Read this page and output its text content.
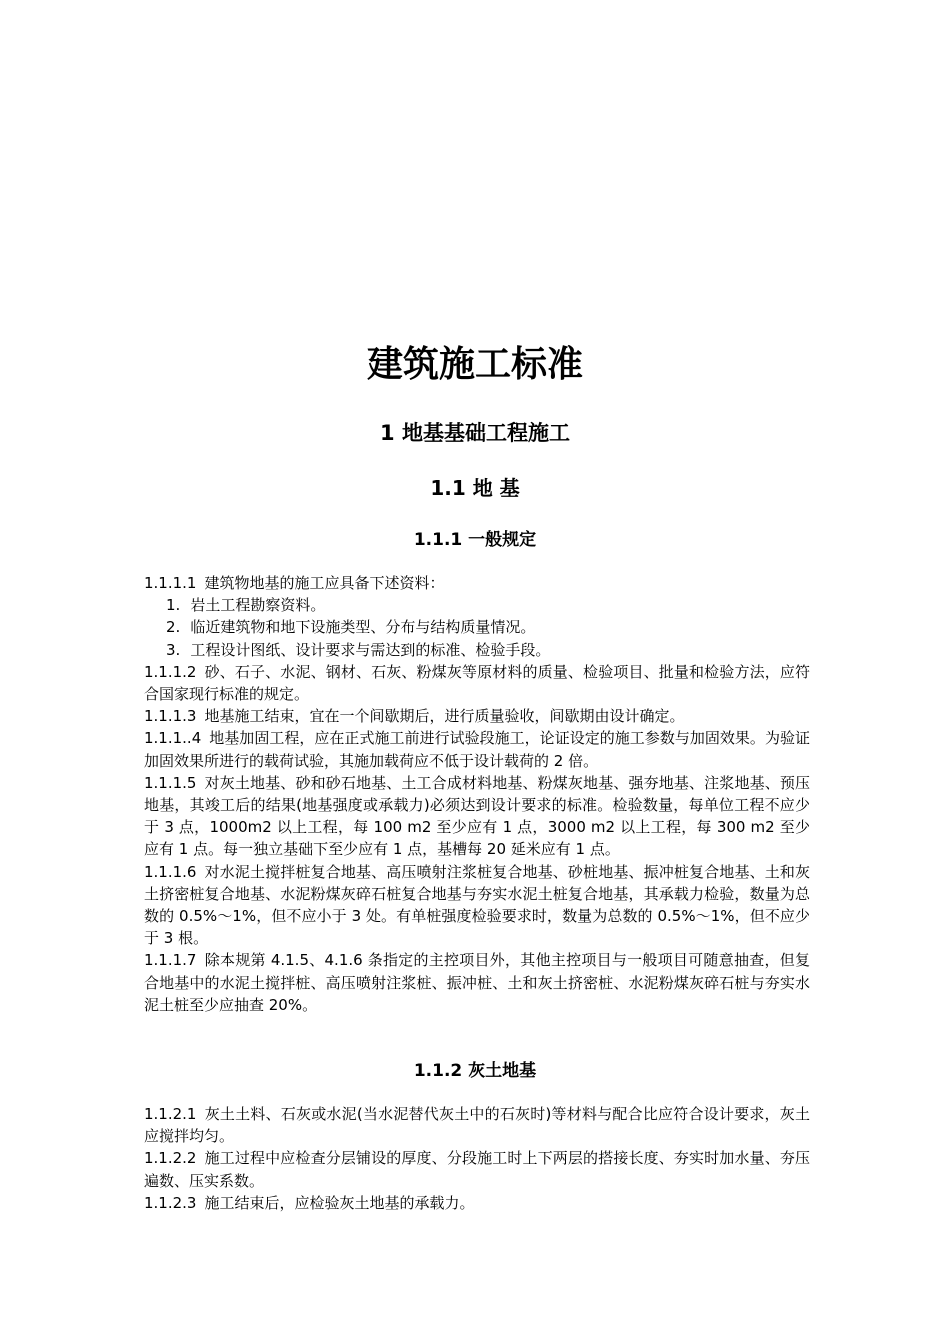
建筑施工标准
1 地基基础工程施工
1.1 地 基
1.1.1 一般规定

1.1.1.1 建筑物地基的施工应具备下述资料：

1. 岩土工程勘察资料。

2. 临近建筑物和地下设施类型、分布与结构质量情况。

3. 工程设计图纸、设计要求与需达到的标准、检验手段。

1.1.1.2 砂、石子、水泥、钢材、石灰、粉煤灰等原材料的质量、检验项目、批量和检验方法，应符合国家现行标准的规定。

1.1.1.3 地基施工结束，宜在一个间歇期后，进行质量验收，间歇期由设计确定。

1.1.1..4 地基加固工程，应在正式施工前进行试验段施工，论证设定的施工参数与加固效果。为验证加固效果所进行的载荷试验，其施加载荷应不低于设计载荷的 2 倍。

1.1.1.5 对灰土地基、砂和砂石地基、土工合成材料地基、粉煤灰地基、强夯地基、注浆地基、预压地基，其竣工后的结果(地基强度或承载力)必须达到设计要求的标准。检验数量，每单位工程不应少于 3 点，1000m2 以上工程，每 100 m2 至少应有 1 点，3000 m2 以上工程，每 300 m2 至少应有 1 点。每一独立基础下至少应有 1 点，基槽每 20 延米应有 1 点。

1.1.1.6 对水泥土搅拌桩复合地基、高压喷射注浆桩复合地基、砂桩地基、振冲桩复合地基、土和灰土挤密桩复合地基、水泥粉煤灰碎石桩复合地基与夯实水泥土桩复合地基，其承载力检验，数量为总数的 0.5%～1%，但不应小于 3 处。有单桩强度检验要求时，数量为总数的 0.5%～1%，但不应少于 3 根。

1.1.1.7 除本规第 4.1.5、4.1.6 条指定的主控项目外，其他主控项目与一般项目可随意抽查，但复合地基中的水泥土搅拌桩、高压喷射注浆桩、振冲桩、土和灰土挤密桩、水泥粉煤灰碎石桩与夯实水泥土桩至少应抽查 20%。

1.1.2 灰土地基

1.1.2.1 灰土土料、石灰或水泥(当水泥替代灰土中的石灰时)等材料与配合比应符合设计要求，灰土应搅拌均匀。

1.1.2.2 施工过程中应检查分层铺设的厚度、分段施工时上下两层的搭接长度、夯实时加水量、夯压遍数、压实系数。

1.1.2.3 施工结束后，应检验灰土地基的承载力。
